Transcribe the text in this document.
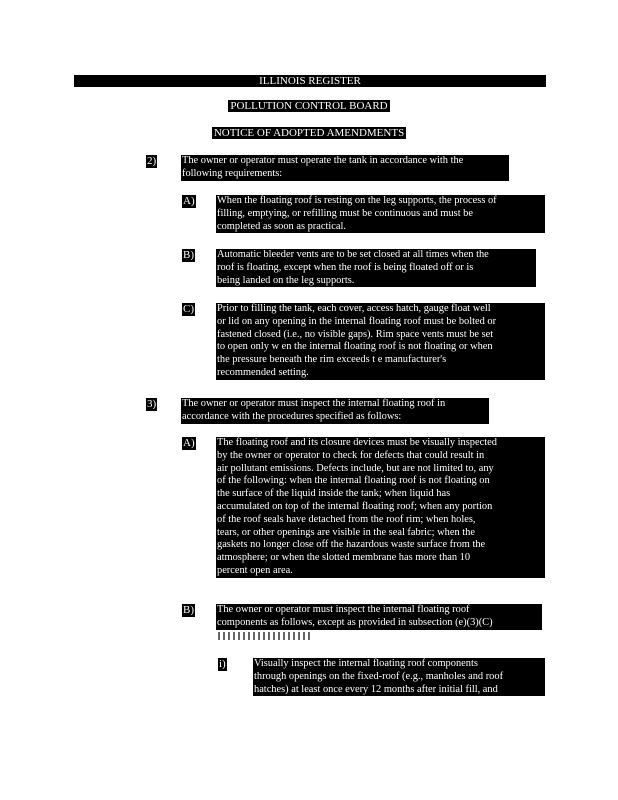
ILLINOIS REGISTER
POLLUTION CONTROL BOARD
NOTICE OF ADOPTED AMENDMENTS
2) The owner or operator must operate the tank in accordance with the
following requirements:
A) When the floating roof is resting on the leg supports, the process of
filling, emptying, or refilling must be continuous and must be
completed as soon as practical.
B) Automatic bleeder vents are to be set closed at all times when the
roof is floating, except when the roof is being floated off or is
being landed on the leg supports.
C) Prior to filling the tank, each cover, access hatch, gauge float well
or lid on any opening in the internal floating roof must be bolted or
fastened closed (i.e., no visible gaps). Rim space vents must be set
to open only w en the internal floating roof is not floating or when
the pressure beneath the rim exceeds t e manufacturer's
recommended setting.
3) The owner or operator must inspect the internal floating roof in
accordance with the procedures specified as follows:
A) The floating roof and its closure devices must be visually inspected
by the owner or operator to check for defects that could result in
air pollutant emissions. Defects include, but are not limited to, any
of the following: when the internal floating roof is not floating on
the surface of the liquid inside the tank; when liquid has
accumulated on top of the internal floating roof; when any portion
of the roof seals have detached from the roof rim; when holes,
tears, or other openings are visible in the seal fabric; when the
gaskets no longer close off the hazardous waste surface from the
atmosphere; or when the slotted membrane has more than 10
percent open area.
B) The owner or operator must inspect the internal floating roof
components as follows, except as provided in subsection (e)(3)(C)
i)	Visually inspect the internal floating roof components
through openings on the fixed-roof (e.g., manholes and roof
hatches) at least once every 12 months after initial fill, and
